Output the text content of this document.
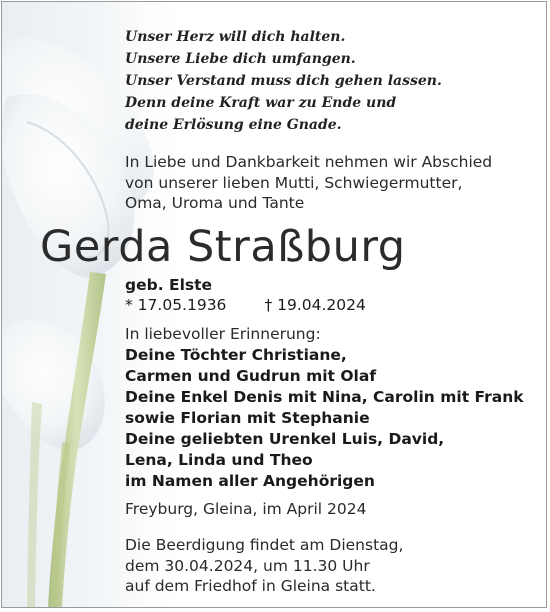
Unser Herz will dich halten.
Unsere Liebe dich umfangen.
Unser Verstand muss dich gehen lassen.
Denn deine Kraft war zu Ende und
deine Erlösung eine Gnade.
In Liebe und Dankbarkeit nehmen wir Abschied
von unserer lieben Mutti, Schwiegermutter,
Oma, Uroma und Tante
Gerda Straßburg
geb. Elste
* 17.05.1936 † 19.04.2024
In liebevoller Erinnerung:
Deine Töchter Christiane,
Carmen und Gudrun mit Olaf
Deine Enkel Denis mit Nina, Carolin mit Frank
sowie Florian mit Stephanie
Deine geliebten Urenkel Luis, David,
Lena, Linda und Theo
im Namen aller Angehörigen
Freyburg, Gleina, im April 2024
Die Beerdigung findet am Dienstag,
dem 30.04.2024, um 11.30 Uhr
auf dem Friedhof in Gleina statt.
